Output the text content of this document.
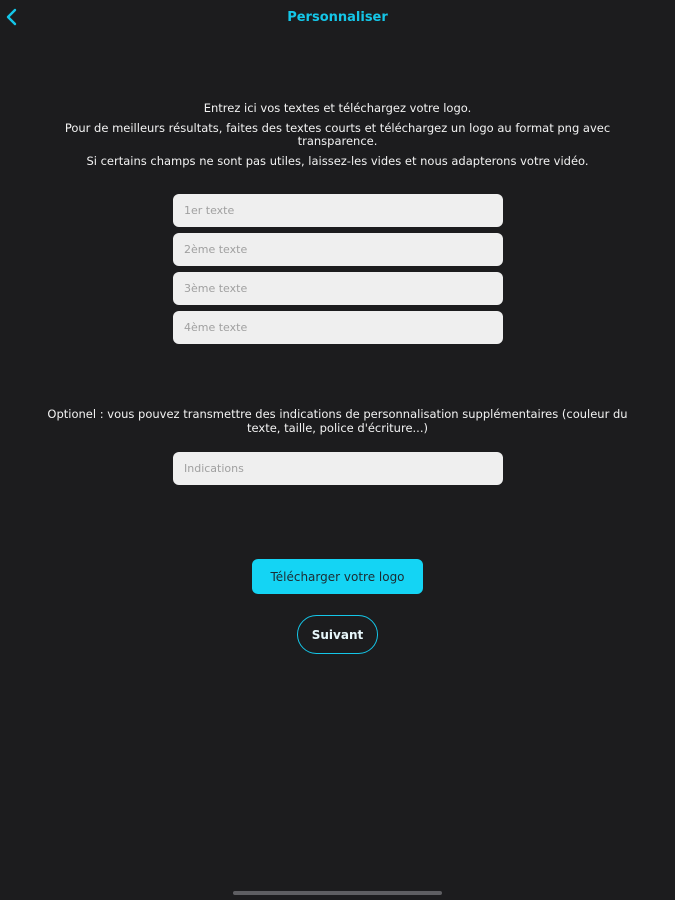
Personnaliser

Entrez ici vos textes et téléchargez votre logo.

Pour de meilleurs résultats, faites des textes courts et téléchargez un logo au format png avec transparence.

Si certains champs ne sont pas utiles, laissez-les vides et nous adapterons votre vidéo.

1er texte
2ème texte
3ème texte
4ème texte

Optionel : vous pouvez transmettre des indications de personnalisation supplémentaires (couleur du texte, taille, police d'écriture...)

Indications
Télécharger votre logo
Suivant
